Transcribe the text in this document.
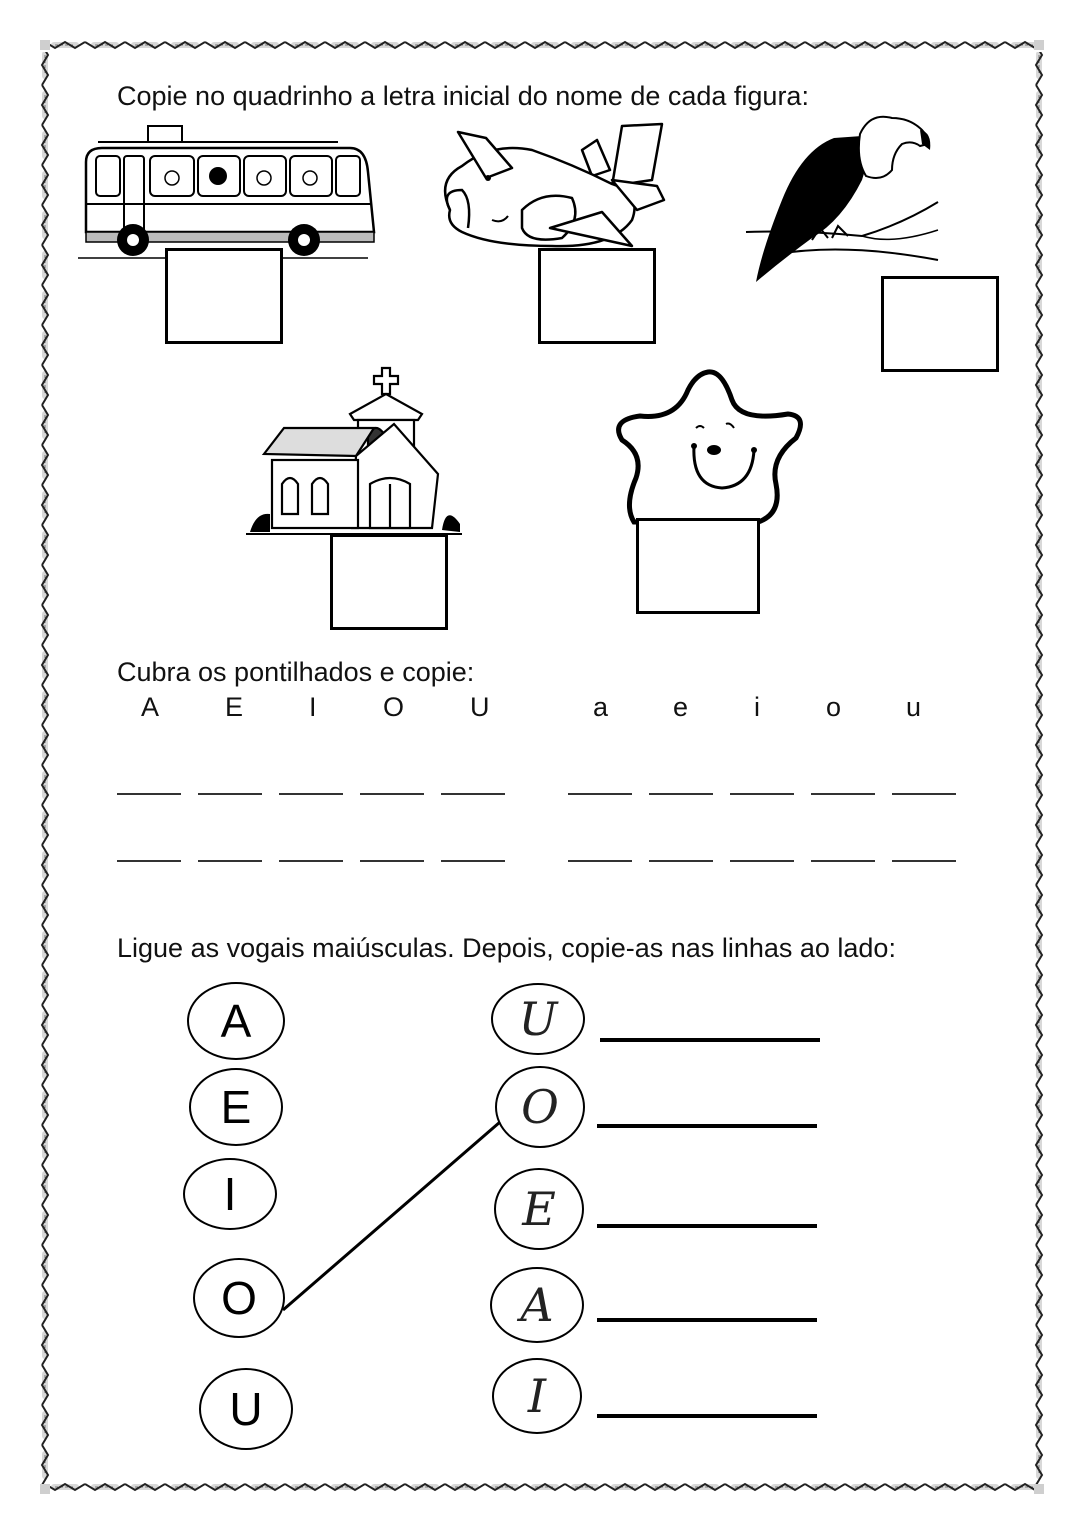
Copie no quadrinho a letra inicial do nome de cada figura:
Cubra os pontilhados e copie:
A E I O U	a e i o u
Ligue as vogais maiúsculas. Depois, copie-as nas linhas ao lado:
A
E
I
O
U
U
O
E
A
I
